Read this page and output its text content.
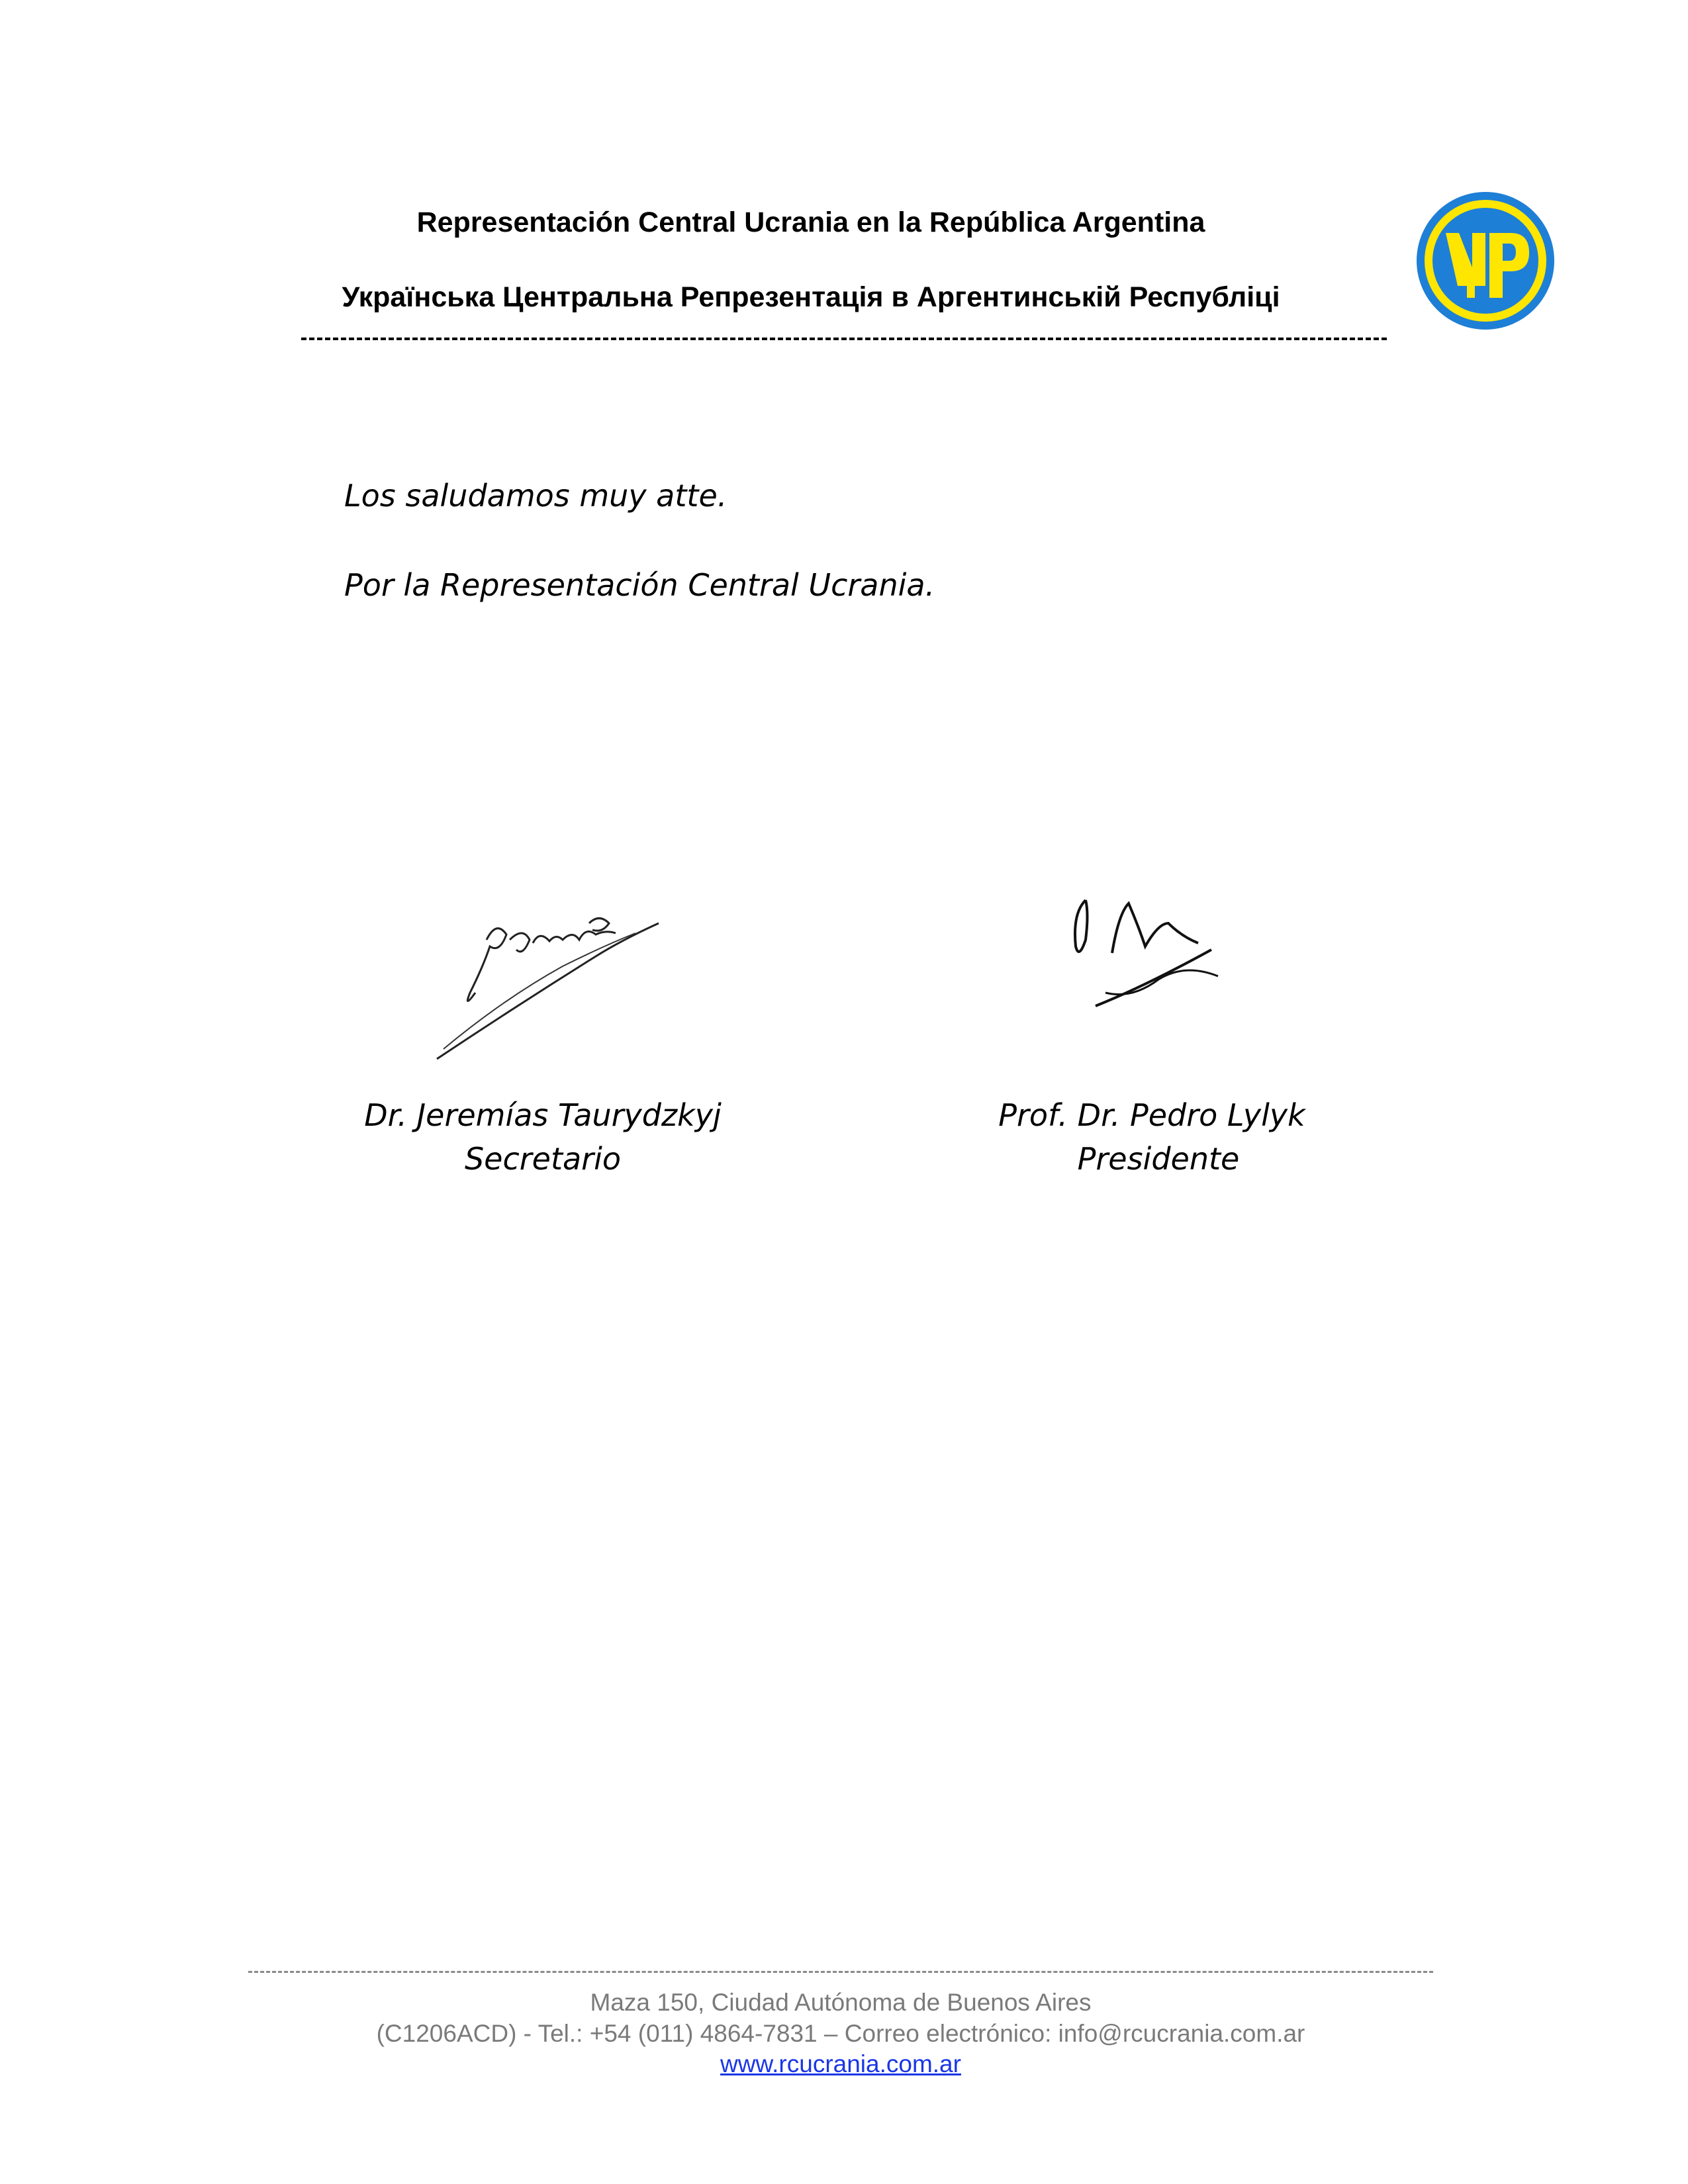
Representación Central Ucrania en la República Argentina
Українська Центральна Репрезентація в Аргентинській Республіці
Los saludamos muy atte.
Por la Representación Central Ucrania.
Dr. Jeremías Taurydzkyj
Secretario
Prof. Dr. Pedro Lylyk
Presidente
Maza 150, Ciudad Autónoma de Buenos Aires
(C1206ACD) - Tel.: +54 (011) 4864-7831 – Correo electrónico: info@rcucrania.com.ar
www.rcucrania.com.ar
